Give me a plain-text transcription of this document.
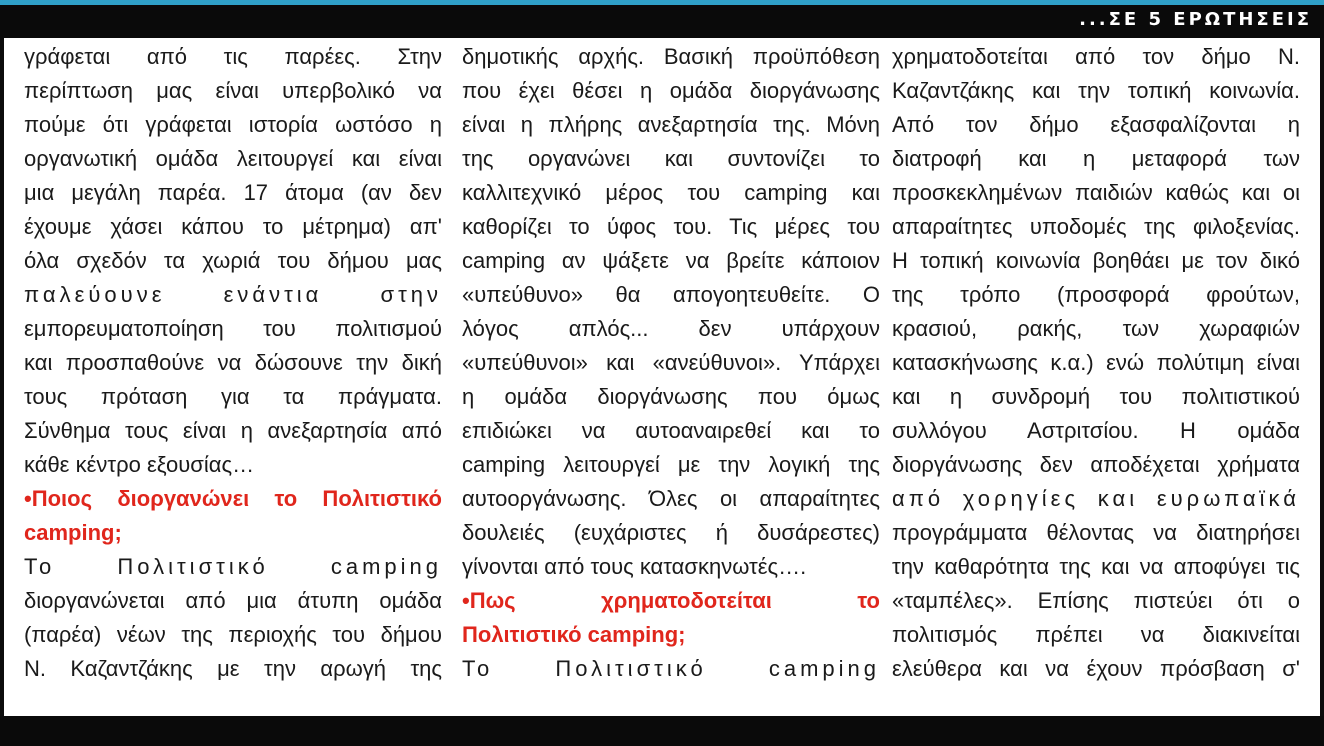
...ΣΕ 5 ΕΡΩΤΗΣΕΙΣ

γράφεται από τις παρέες. Στην

περίπτωση μας είναι υπερβολικό να

πούμε ότι γράφεται ιστορία ωστόσο η

οργανωτική ομάδα λειτουργεί και είναι

μια μεγάλη παρέα. 17 άτομα (αν δεν

έχουμε χάσει κάπου το μέτρημα) απ'

όλα σχεδόν τα χωριά του δήμου μας

παλεύουνε ενάντια στην

εμπορευματοποίηση του πολιτισμού

και προσπαθούνε να δώσουνε την δική

τους πρόταση για τα πράγματα.

Σύνθημα τους είναι η ανεξαρτησία από

κάθε κέντρο εξουσίας…

•Ποιος διοργανώνει το Πολιτιστικό
camping;

Το Πολιτιστικό camping

διοργανώνεται από μια άτυπη ομάδα

(παρέα) νέων της περιοχής του δήμου

Ν. Καζαντζάκης με την αρωγή της

δημοτικής αρχής. Βασική προϋπόθεση

που έχει θέσει η ομάδα διοργάνωσης

είναι η πλήρης ανεξαρτησία της. Μόνη

της οργανώνει και συντονίζει το

καλλιτεχνικό μέρος του camping και

καθορίζει το ύφος του. Τις μέρες του

camping αν ψάξετε να βρείτε κάποιον

«υπεύθυνο» θα απογοητευθείτε. Ο

λόγος απλός... δεν υπάρχουν

«υπεύθυνοι» και «ανεύθυνοι». Υπάρχει

η ομάδα διοργάνωσης που όμως

επιδιώκει να αυτοαναιρεθεί και το

camping λειτουργεί με την λογική της

αυτοοργάνωσης. Όλες οι απαραίτητες

δουλειές (ευχάριστες ή δυσάρεστες)

γίνονται από τους κατασκηνωτές….

•Πως χρηματοδοτείται το
Πολιτιστικό camping;

Το Πολιτιστικό camping

χρηματοδοτείται από τον δήμο Ν.

Καζαντζάκης και την τοπική κοινωνία.

Από τον δήμο εξασφαλίζονται η

διατροφή και η μεταφορά των

προσκεκλημένων παιδιών καθώς και οι

απαραίτητες υποδομές της φιλοξενίας.

Η τοπική κοινωνία βοηθάει με τον δικό

της τρόπο (προσφορά φρούτων,

κρασιού, ρακής, των χωραφιών

κατασκήνωσης κ.α.) ενώ πολύτιμη είναι

και η συνδρομή του πολιτιστικού

συλλόγου Αστριτσίου. Η ομάδα

διοργάνωσης δεν αποδέχεται χρήματα

από χορηγίες και ευρωπαϊκά

προγράμματα θέλοντας να διατηρήσει

την καθαρότητα της και να αποφύγει τις

«ταμπέλες». Επίσης πιστεύει ότι ο

πολιτισμός πρέπει να διακινείται

ελεύθερα και να έχουν πρόσβαση σ'
